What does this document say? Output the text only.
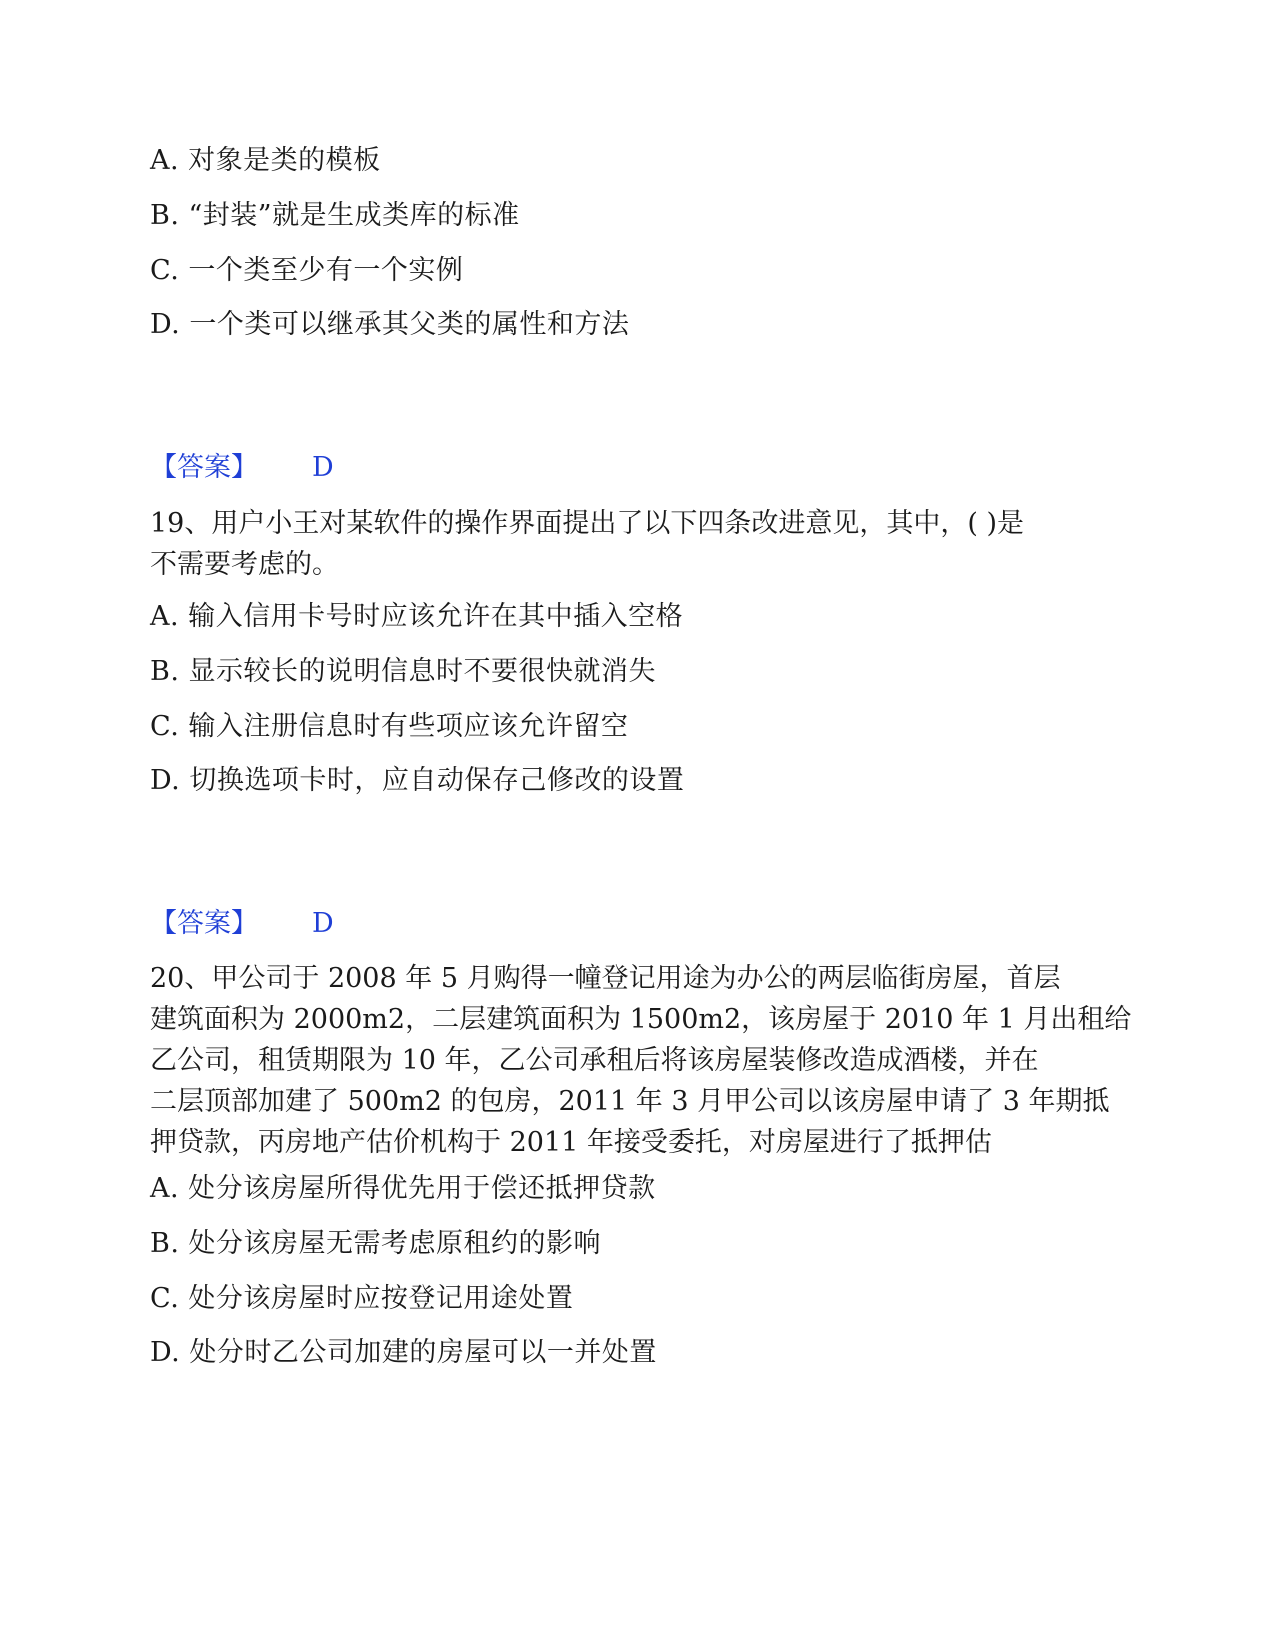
A. 对象是类的模板
B. “封装”就是生成类库的标准
C. 一个类至少有一个实例
D. 一个类可以继承其父类的属性和方法
【答案】 D
19、用户小王对某软件的操作界面提出了以下四条改进意见，其中，( )是
不需要考虑的。
A. 输入信用卡号时应该允许在其中插入空格
B. 显示较长的说明信息时不要很快就消失
C. 输入注册信息时有些项应该允许留空
D. 切换选项卡时，应自动保存己修改的设置
【答案】 D
20、甲公司于 2008 年 5 月购得一幢登记用途为办公的两层临街房屋，首层
建筑面积为 2000m2，二层建筑面积为 1500m2，该房屋于 2010 年 1 月出租给
乙公司，租赁期限为 10 年，乙公司承租后将该房屋装修改造成酒楼，并在
二层顶部加建了 500m2 的包房，2011 年 3 月甲公司以该房屋申请了 3 年期抵
押贷款，丙房地产估价机构于 2011 年接受委托，对房屋进行了抵押估
A. 处分该房屋所得优先用于偿还抵押贷款
B. 处分该房屋无需考虑原租约的影响
C. 处分该房屋时应按登记用途处置
D. 处分时乙公司加建的房屋可以一并处置
